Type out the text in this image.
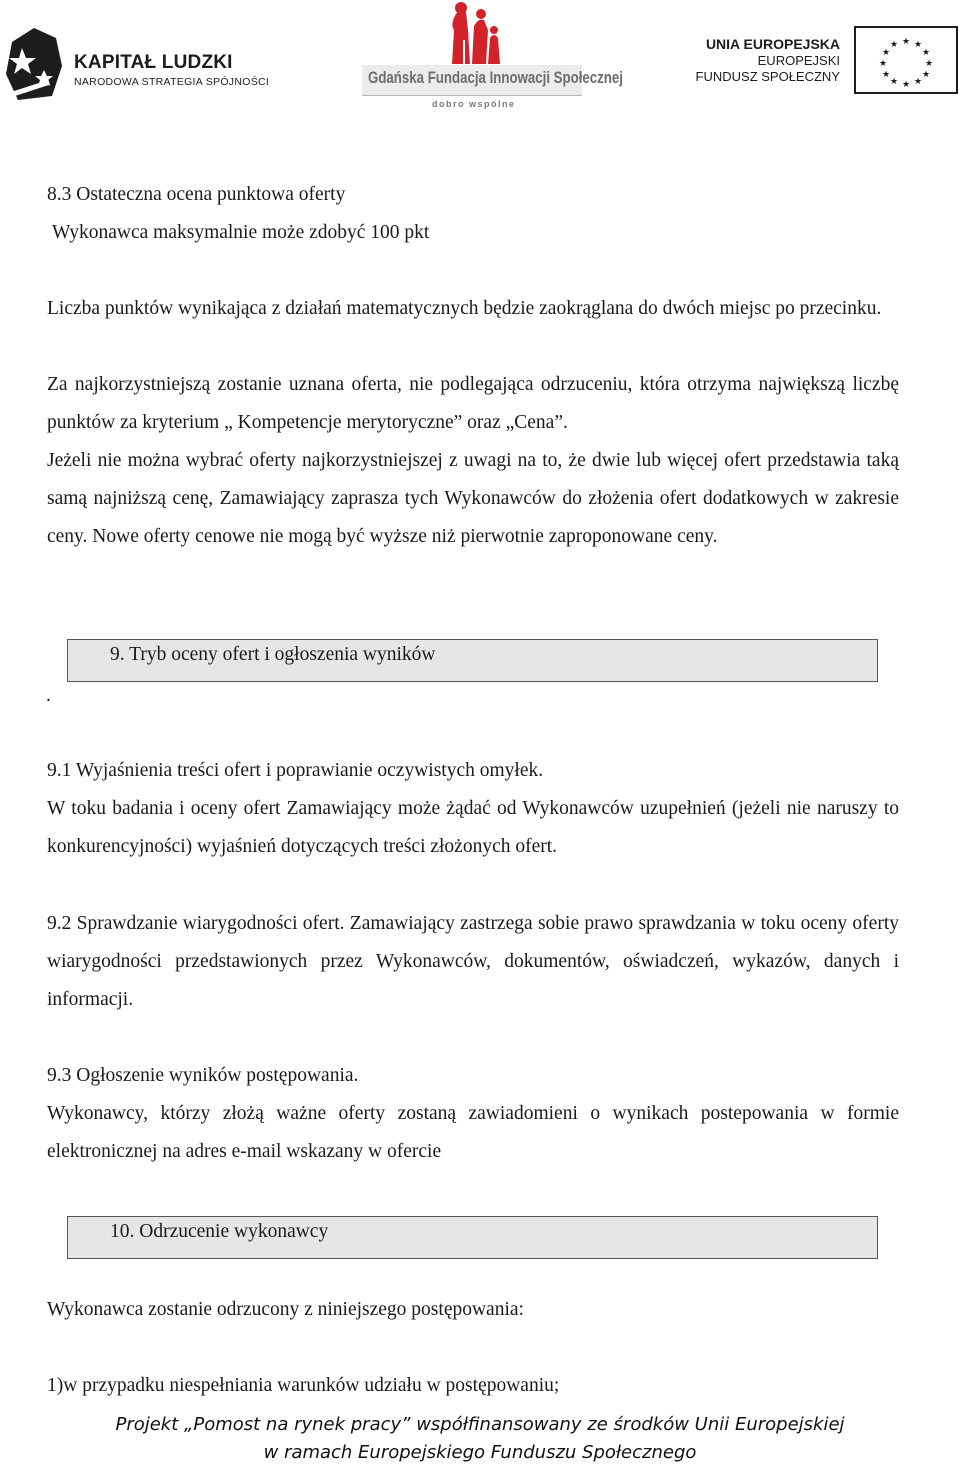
KAPITAŁ LUDZKI
NARODOWA STRATEGIA SPÓJNOŚCI	Gdańska Fundacja Innowacji Społecznej
dobro wspólne
UNIA EUROPEJSKA
EUROPEJSKI
FUNDUSZ SPOŁECZNY
★ ★
★
★
★
★
★
★
★
★
★
★

8.3 Ostateczna ocena punktowa oferty

Wykonawca maksymalnie może zdobyć 100 pkt

Liczba punktów wynikająca z działań matematycznych będzie zaokrąglana do dwóch miejsc po przecinku.

Za najkorzystniejszą zostanie uznana oferta, nie podlegająca odrzuceniu, która otrzyma największą liczbę punktów za kryterium „ Kompetencje merytoryczne” oraz „Cena”.

Jeżeli nie można wybrać oferty najkorzystniejszej z uwagi na to, że dwie lub więcej ofert przedstawia taką samą najniższą cenę, Zamawiający zaprasza tych Wykonawców do złożenia ofert dodatkowych w zakresie ceny. Nowe oferty cenowe nie mogą być wyższe niż pierwotnie zaproponowane ceny.

9. Tryb oceny ofert i ogłoszenia wyników
.

9.1 Wyjaśnienia treści ofert i poprawianie oczywistych omyłek.

W toku badania i oceny ofert Zamawiający może żądać od Wykonawców uzupełnień (jeżeli nie naruszy to konkurencyjności) wyjaśnień dotyczących treści złożonych ofert.

9.2 Sprawdzanie wiarygodności ofert. Zamawiający zastrzega sobie prawo sprawdzania w toku oceny oferty wiarygodności przedstawionych przez Wykonawców, dokumentów, oświadczeń, wykazów, danych i informacji.

9.3 Ogłoszenie wyników postępowania.

Wykonawcy, którzy złożą ważne oferty zostaną zawiadomieni o wynikach postepowania w formie elektronicznej na adres e-mail wskazany w ofercie

10. Odrzucenie wykonawcy

Wykonawca zostanie odrzucony z niniejszego postępowania:

1)w przypadku niespełniania warunków udziału w postępowaniu;

Projekt „Pomost na rynek pracy” współfinansowany ze środków Unii Europejskiej
w ramach Europejskiego Funduszu Społecznego
